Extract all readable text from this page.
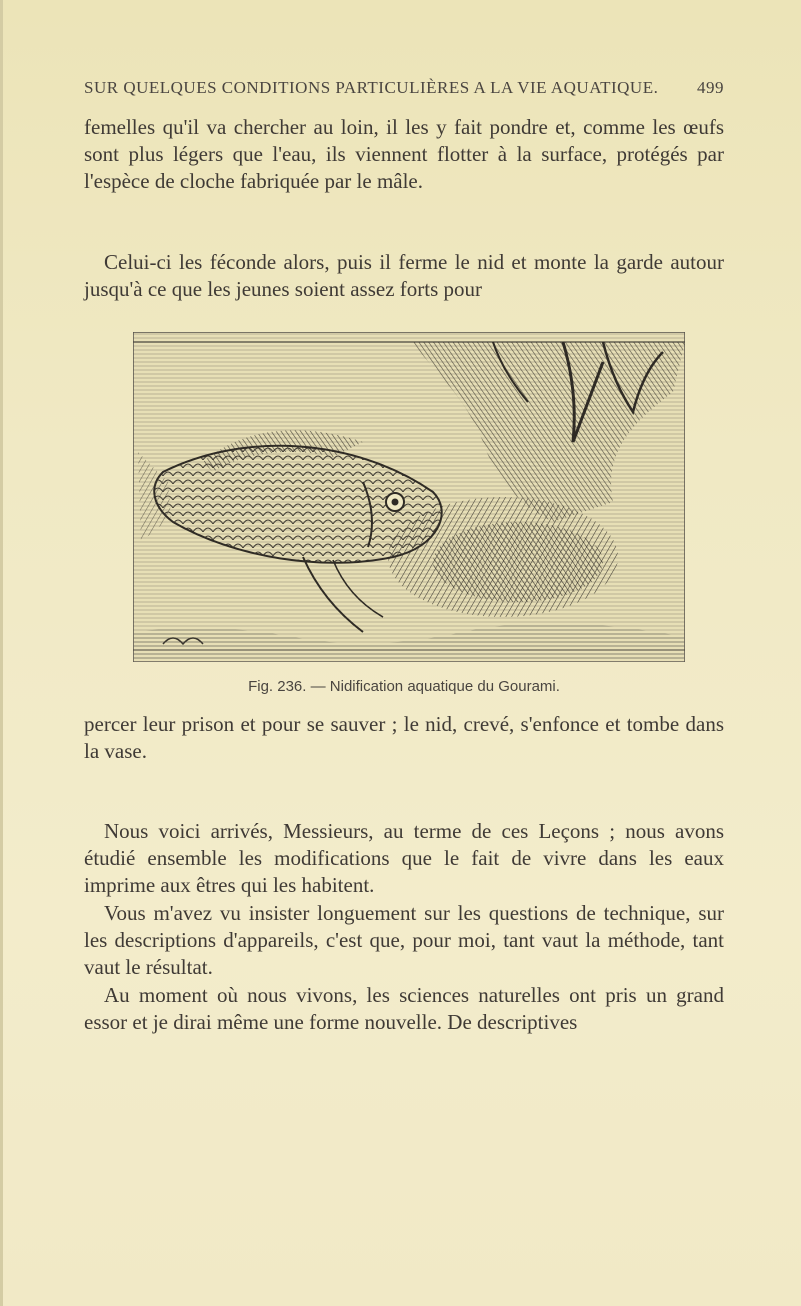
SUR QUELQUES CONDITIONS PARTICULIÈRES A LA VIE AQUATIQUE. 499

femelles qu'il va chercher au loin, il les y fait pondre et, comme les œufs sont plus légers que l'eau, ils viennent flotter à la surface, protégés par l'espèce de cloche fabriquée par le mâle.

Celui-ci les féconde alors, puis il ferme le nid et monte la garde autour jusqu'à ce que les jeunes soient assez forts pour

Fig. 236. — Nidification aquatique du Gourami.

percer leur prison et pour se sauver ; le nid, crevé, s'enfonce et tombe dans la vase.

Nous voici arrivés, Messieurs, au terme de ces Leçons ; nous avons étudié ensemble les modifications que le fait de vivre dans les eaux imprime aux êtres qui les habitent.

Vous m'avez vu insister longuement sur les questions de technique, sur les descriptions d'appareils, c'est que, pour moi, tant vaut la méthode, tant vaut le résultat.

Au moment où nous vivons, les sciences naturelles ont pris un grand essor et je dirai même une forme nouvelle. De descriptives
